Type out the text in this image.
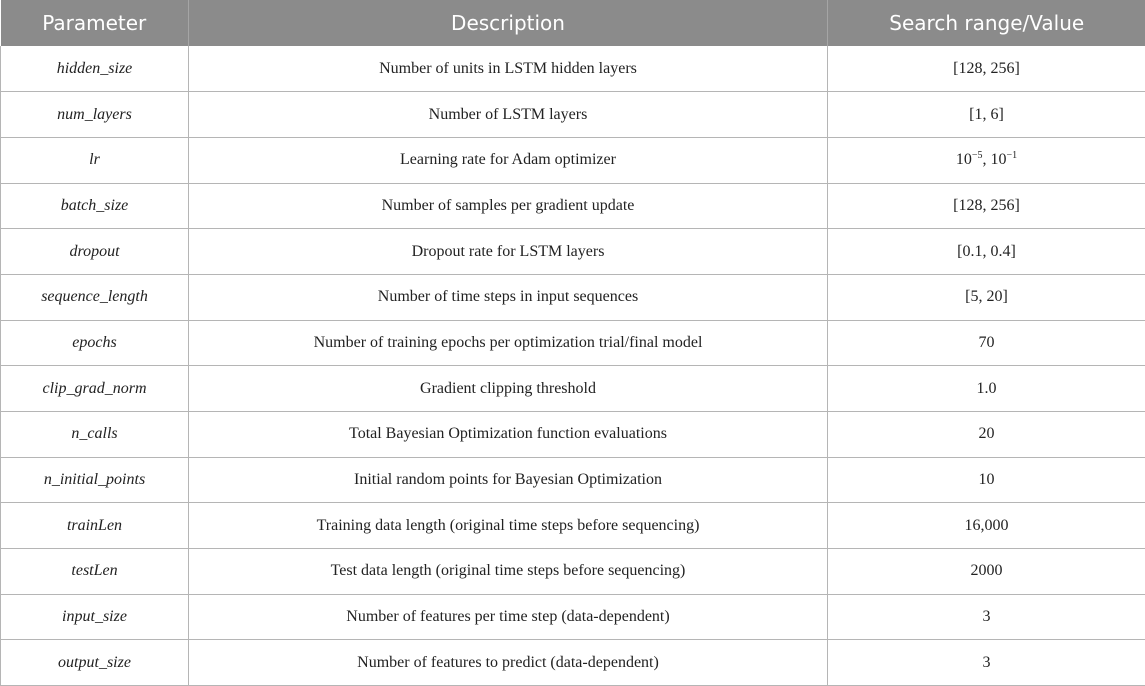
Parameter	Description	Search range/Value
hidden_size	Number of units in LSTM hidden layers	[128, 256]
num_layers	Number of LSTM layers	[1, 6]
lr	Learning rate for Adam optimizer	$10^{-5}$, $10^{-1}$
batch_size	Number of samples per gradient update	[128, 256]
dropout	Dropout rate for LSTM layers	[0.1, 0.4]
sequence_length	Number of time steps in input sequences	[5, 20]
epochs	Number of training epochs per optimization trial/final model	70
clip_grad_norm	Gradient clipping threshold	1.0
n_calls	Total Bayesian Optimization function evaluations	20
n_initial_points	Initial random points for Bayesian Optimization	10
trainLen	Training data length (original time steps before sequencing)	16,000
testLen	Test data length (original time steps before sequencing)	2000
input_size	Number of features per time step (data-dependent)	3
output_size	Number of features to predict (data-dependent)	3
